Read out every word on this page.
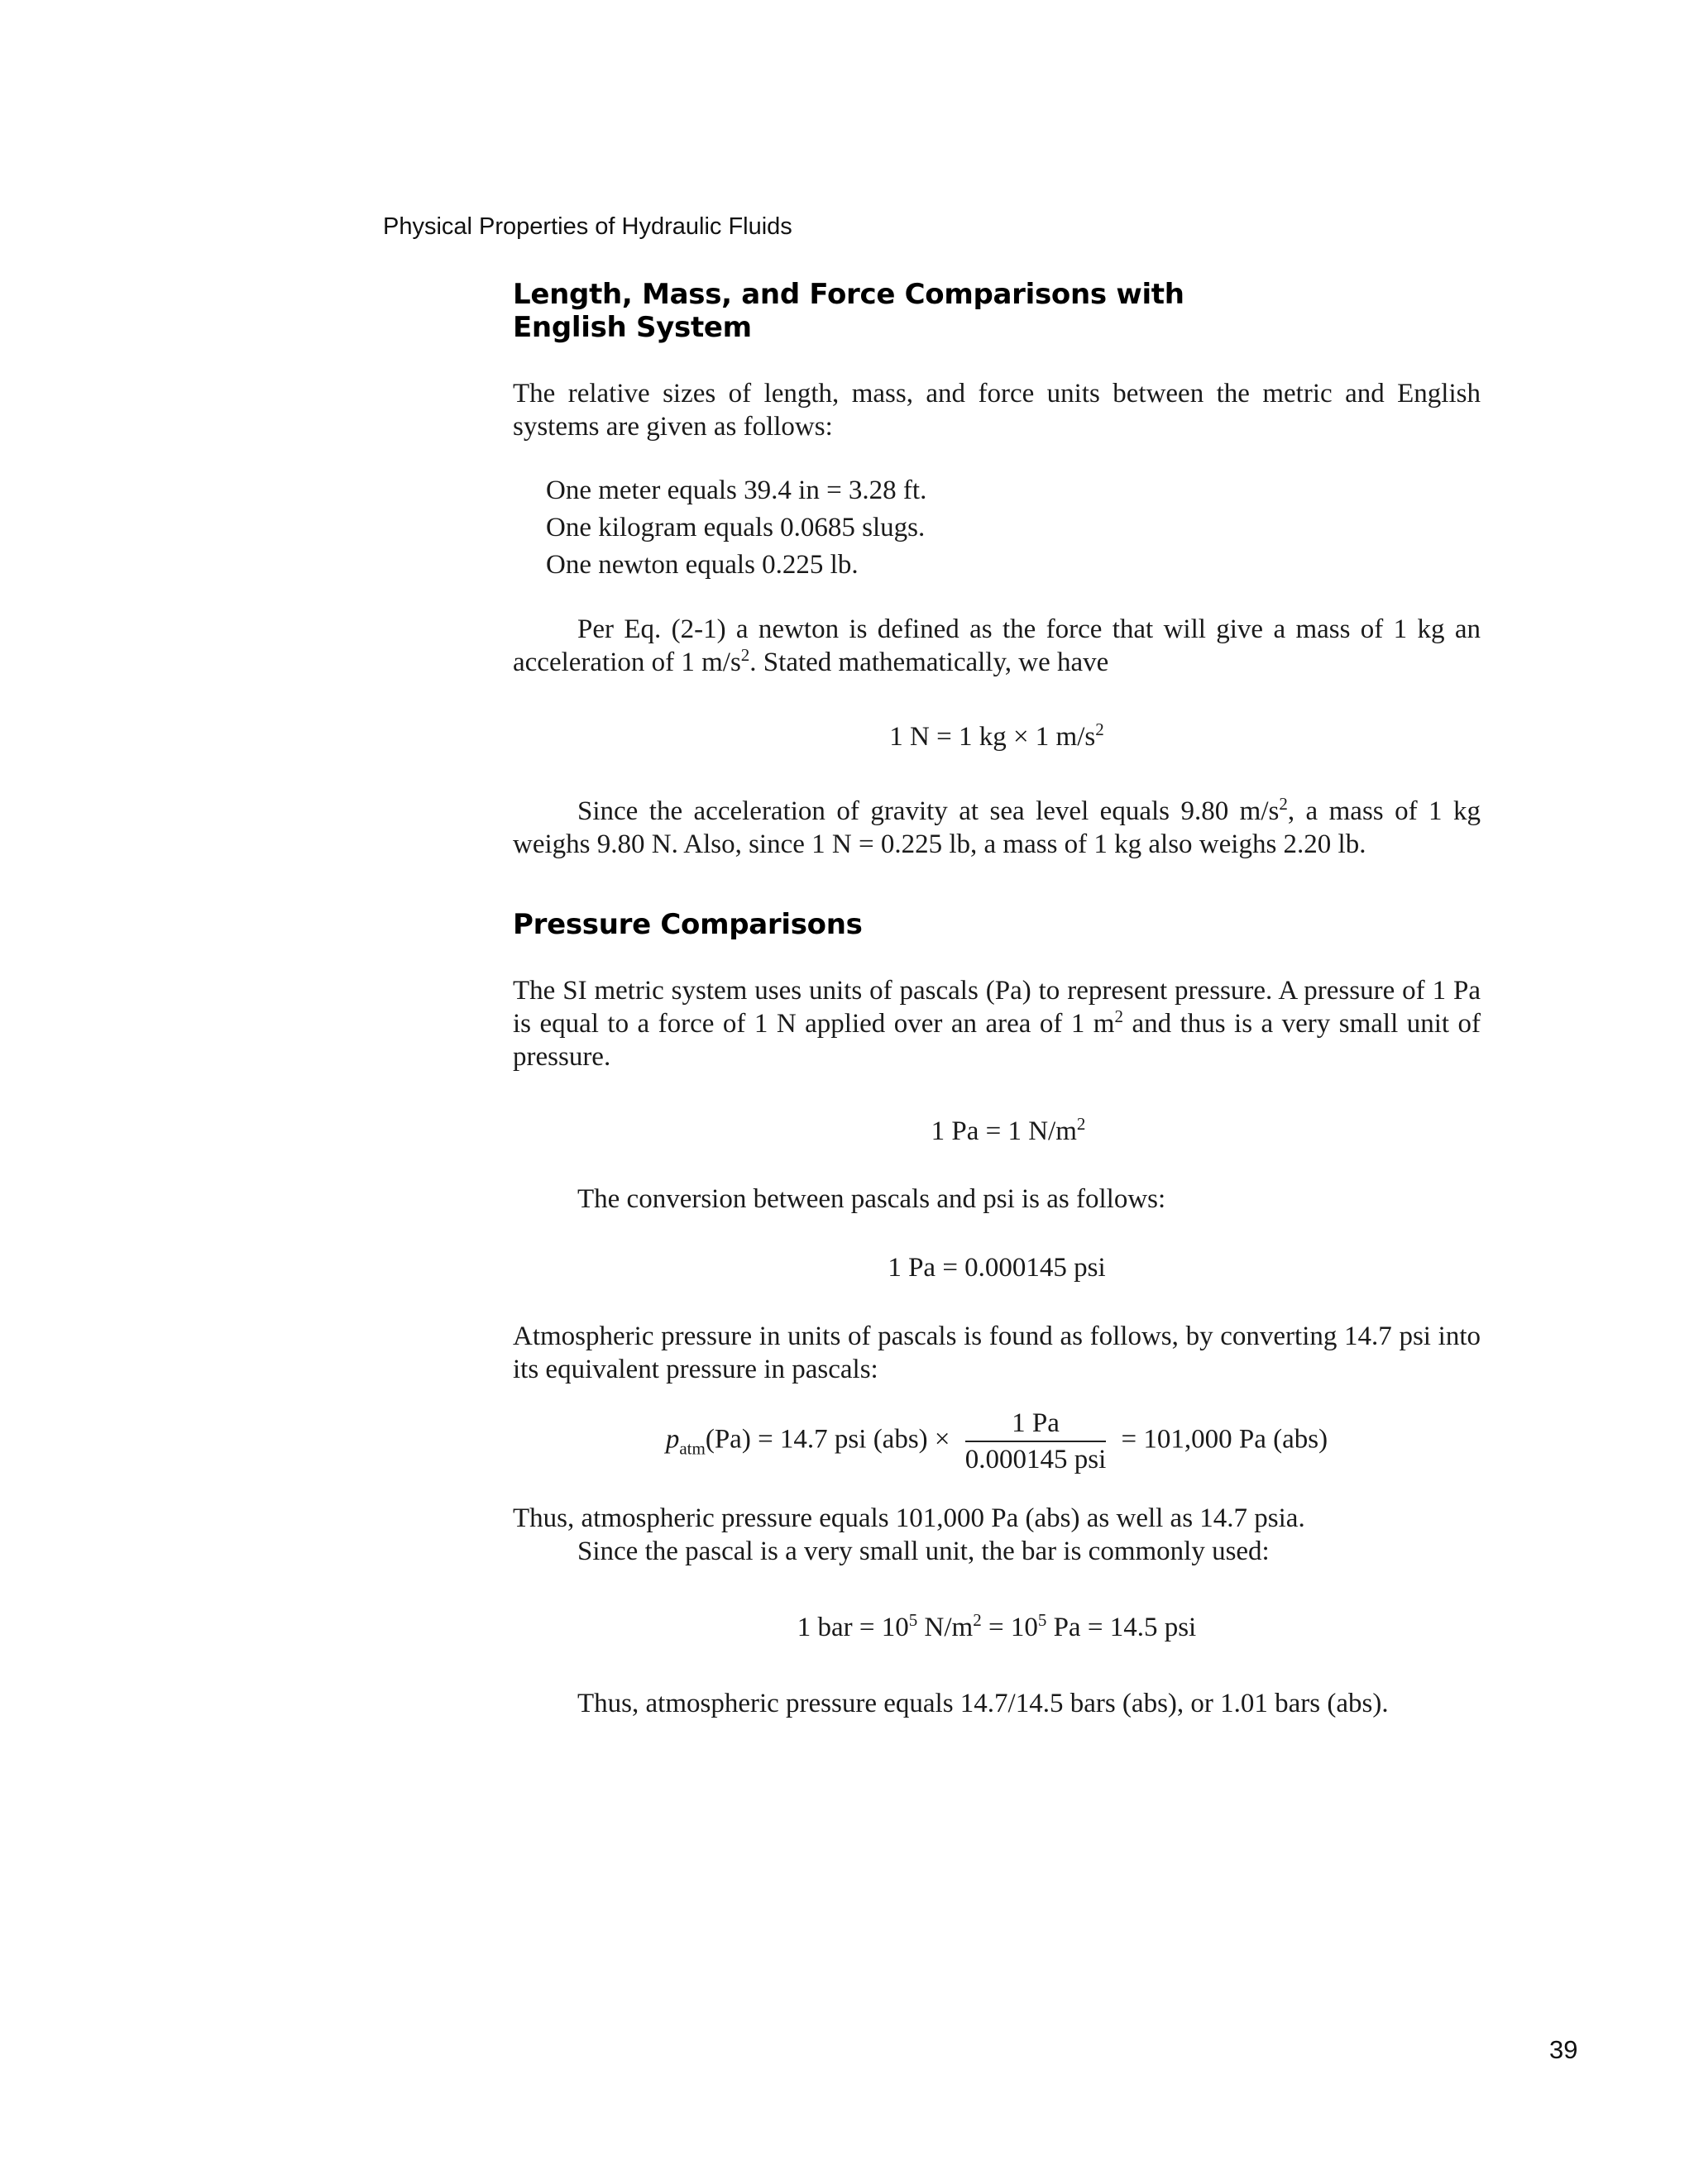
Physical Properties of Hydraulic Fluids
Length, Mass, and Force Comparisons with
English System

The relative sizes of length, mass, and force units between the metric and English systems are given as follows:

One meter equals 39.4 in = 3.28 ft.
One kilogram equals 0.0685 slugs.
One newton equals 0.225 lb.

Per Eq. (2-1) a newton is defined as the force that will give a mass of 1 kg an acceleration of 1 $m/s^2$. Stated mathematically, we have

1 N = 1 kg × 1 $m/s^2$

Since the acceleration of gravity at sea level equals 9.80 $m/s^2$, a mass of 1 kg weighs 9.80 N. Also, since 1 N = 0.225 lb, a mass of 1 kg also weighs 2.20 lb.

Pressure Comparisons

The SI metric system uses units of pascals (Pa) to represent pressure. A pressure of 1 Pa is equal to a force of 1 N applied over an area of 1 $m^2$ and thus is a very small unit of pressure.

1 Pa = 1 $N/m^2$

The conversion between pascals and psi is as follows:

1 Pa = 0.000145 psi

Atmospheric pressure in units of pascals is found as follows, by converting 14.7 psi into its equivalent pressure in pascals:

$p_{atm}(Pa) = 14.7$ psi $(abs) \times \frac{1 Pa}{\text{0.000145 psi}} = 101,000$ Pa (abs)

Thus, atmospheric pressure equals 101,000 Pa (abs) as well as 14.7 psia.

Since the pascal is a very small unit, the bar is commonly used:

1 bar = $10^5$ $N/m^2 = 10^5$ Pa = 14.5 psi

Thus, atmospheric pressure equals 14.7/14.5 bars (abs), or 1.01 bars (abs).

39
